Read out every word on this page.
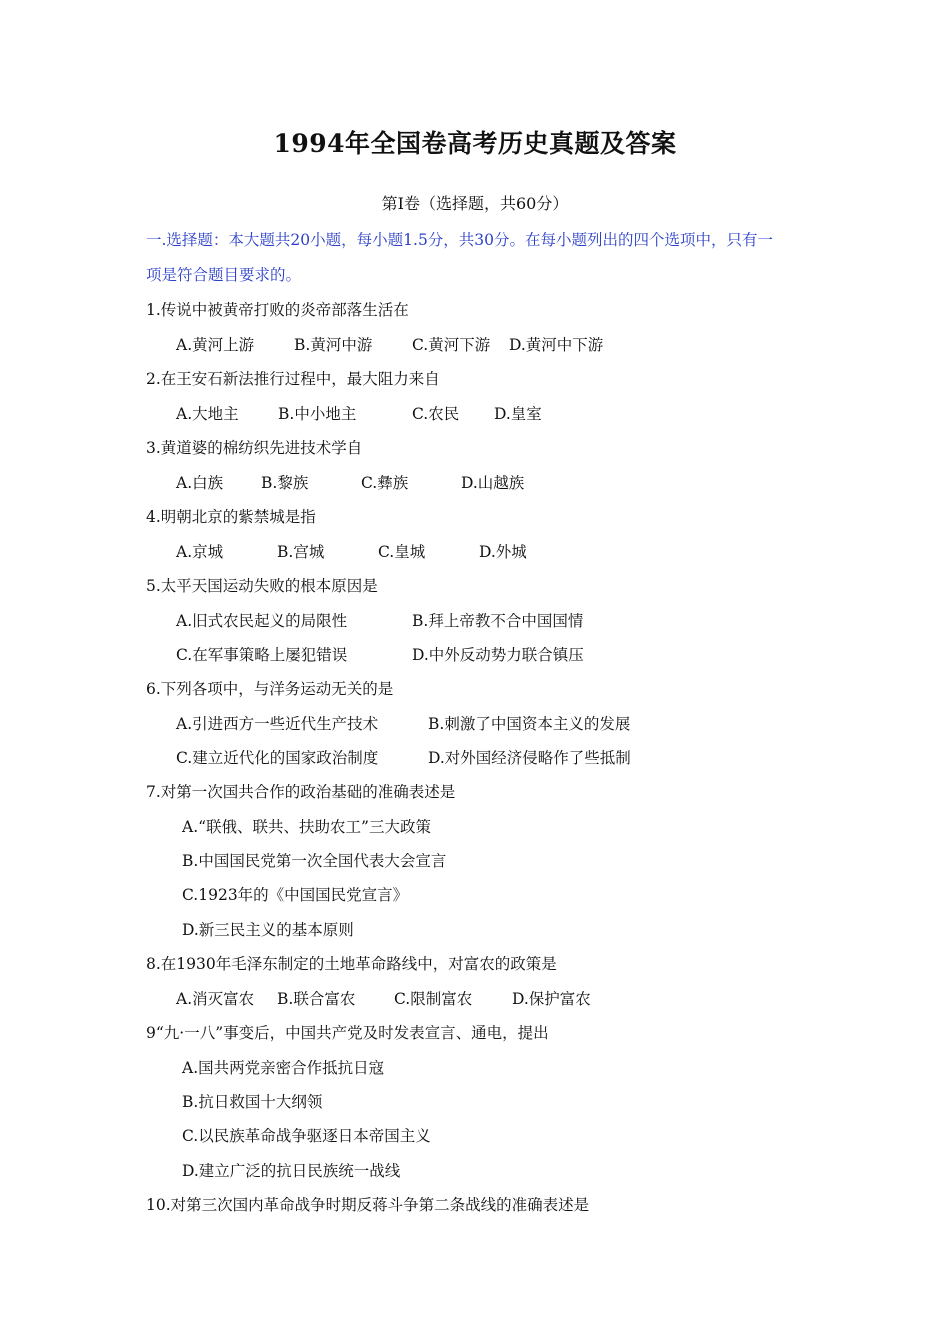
1994年全国卷高考历史真题及答案
第Ⅰ卷（选择题，共60分）
一.选择题：本大题共20小题，每小题1.5分，共30分。在每小题列出的四个选项中，只有一
项是符合题目要求的。
1.传说中被黄帝打败的炎帝部落生活在
A.黄河上游	B.黄河中游	C.黄河下游 D.黄河中下游
2.在王安石新法推行过程中，最大阻力来自
A.大地主	B.中小地主	C.农民 D.皇室
3.黄道婆的棉纺织先进技术学自
A.白族 B.黎族	C.彝族	D.山越族
4.明朝北京的紫禁城是指
A.京城	B.宫城	C.皇城	D.外城
5.太平天国运动失败的根本原因是
A.旧式农民起义的局限性	B.拜上帝教不合中国国情
C.在军事策略上屡犯错误	D.中外反动势力联合镇压
6.下列各项中，与洋务运动无关的是
A.引进西方一些近代生产技术	B.刺激了中国资本主义的发展
C.建立近代化的国家政治制度	D.对外国经济侵略作了些抵制
7.对第一次国共合作的政治基础的准确表述是
A.“联俄、联共、扶助农工”三大政策
B.中国国民党第一次全国代表大会宣言
C.1923年的《中国国民党宣言》
D.新三民主义的基本原则
8.在1930年毛泽东制定的土地革命路线中，对富农的政策是
A.消灭富农 B.联合富农 C.限制富农	D.保护富农
9“九·一八”事变后，中国共产党及时发表宣言、通电，提出
A.国共两党亲密合作抵抗日寇
B.抗日救国十大纲领
C.以民族革命战争驱逐日本帝国主义
D.建立广泛的抗日民族统一战线
10.对第三次国内革命战争时期反蒋斗争第二条战线的准确表述是
